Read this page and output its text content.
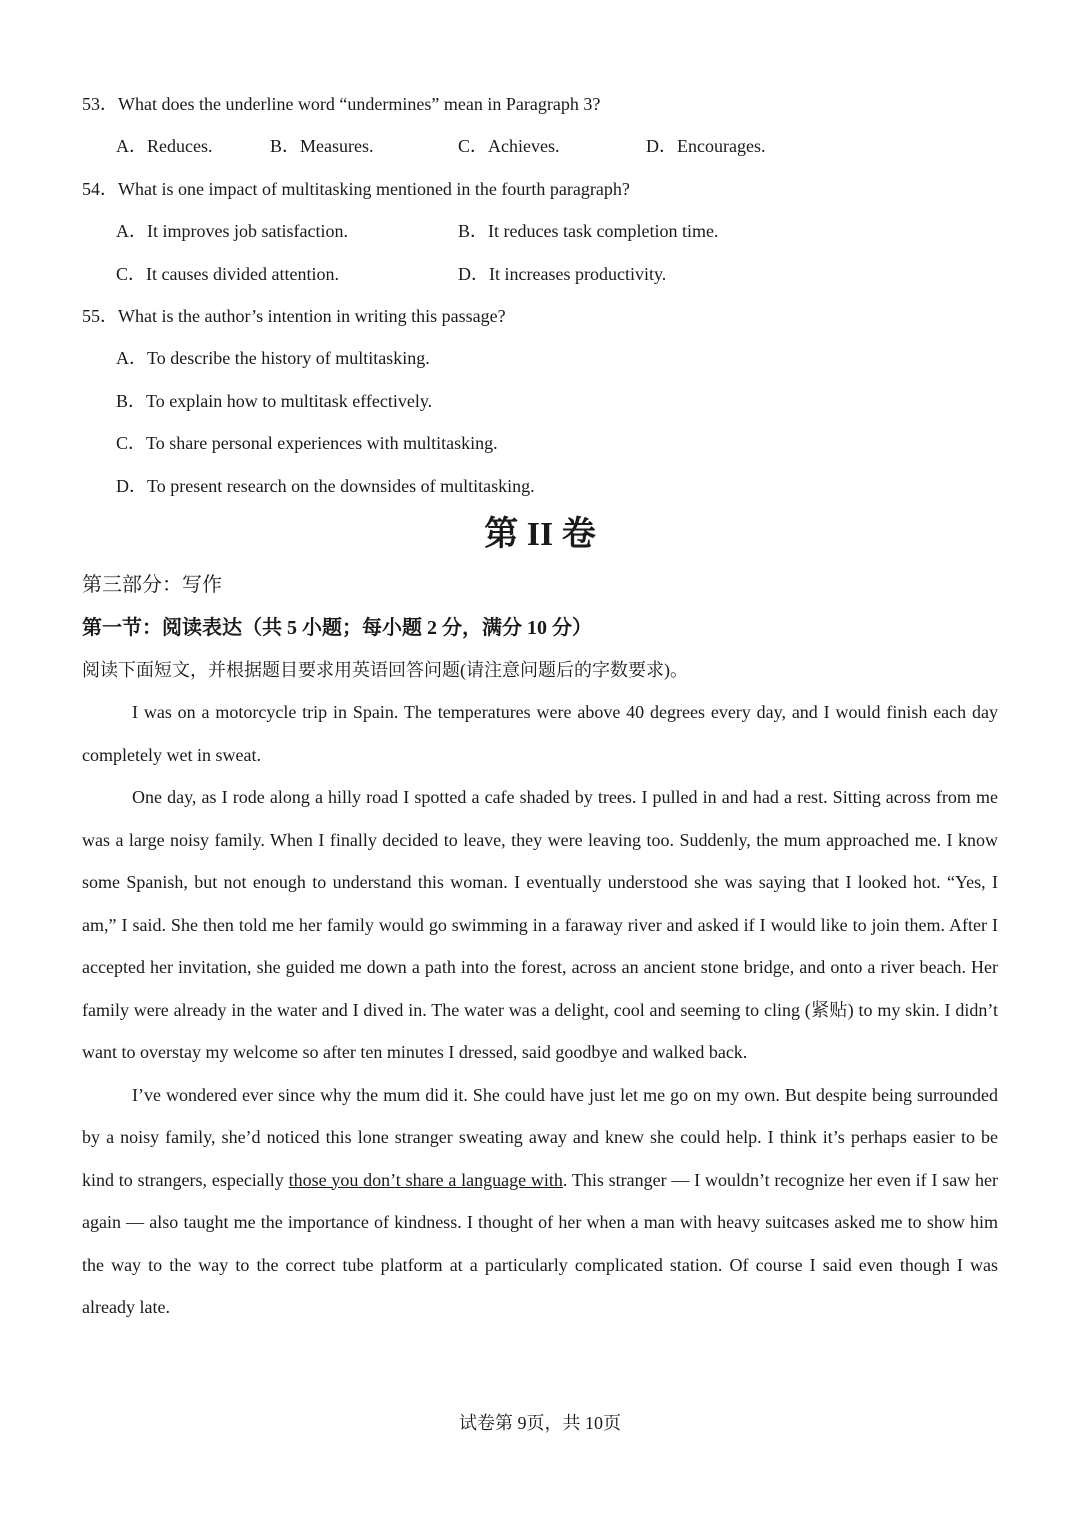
53．What does the underline word “undermines” mean in Paragraph 3?
A．Reduces.	B．Measures.	C．Achieves.	D．Encourages.
54．What is one impact of multitasking mentioned in the fourth paragraph?
A．It improves job satisfaction.	B．It reduces task completion time.
C．It causes divided attention.	D．It increases productivity.
55．What is the author’s intention in writing this passage?
A．To describe the history of multitasking.
B．To explain how to multitask effectively.
C．To share personal experiences with multitasking.
D．To present research on the downsides of multitasking.
第 II 卷
第三部分：写作
第一节：阅读表达（共 5 小题；每小题 2 分，满分 10 分）
阅读下面短文，并根据题目要求用英语回答问题(请注意问题后的字数要求)。

I was on a motorcycle trip in Spain. The temperatures were above 40 degrees every day, and I would finish each day completely wet in sweat.

One day, as I rode along a hilly road I spotted a cafe shaded by trees. I pulled in and had a rest. Sitting across from me was a large noisy family. When I finally decided to leave, they were leaving too. Suddenly, the mum approached me. I know some Spanish, but not enough to understand this woman. I eventually understood she was saying that I looked hot. “Yes, I am,” I said. She then told me her family would go swimming in a faraway river and asked if I would like to join them. After I accepted her invitation, she guided me down a path into the forest, across an ancient stone bridge, and onto a river beach. Her family were already in the water and I dived in. The water was a delight, cool and seeming to cling (紧贴) to my skin. I didn’t want to overstay my welcome so after ten minutes I dressed, said goodbye and walked back.

I’ve wondered ever since why the mum did it. She could have just let me go on my own. But despite being surrounded by a noisy family, she’d noticed this lone stranger sweating away and knew she could help. I think it’s perhaps easier to be kind to strangers, especially those you don’t share a language with. This stranger — I wouldn’t recognize her even if I saw her again — also taught me the importance of kindness. I thought of her when a man with heavy suitcases asked me to show him the way to the way to the correct tube platform at a particularly complicated station. Of course I said even though I was already late.

试卷第 9页，共 10页
